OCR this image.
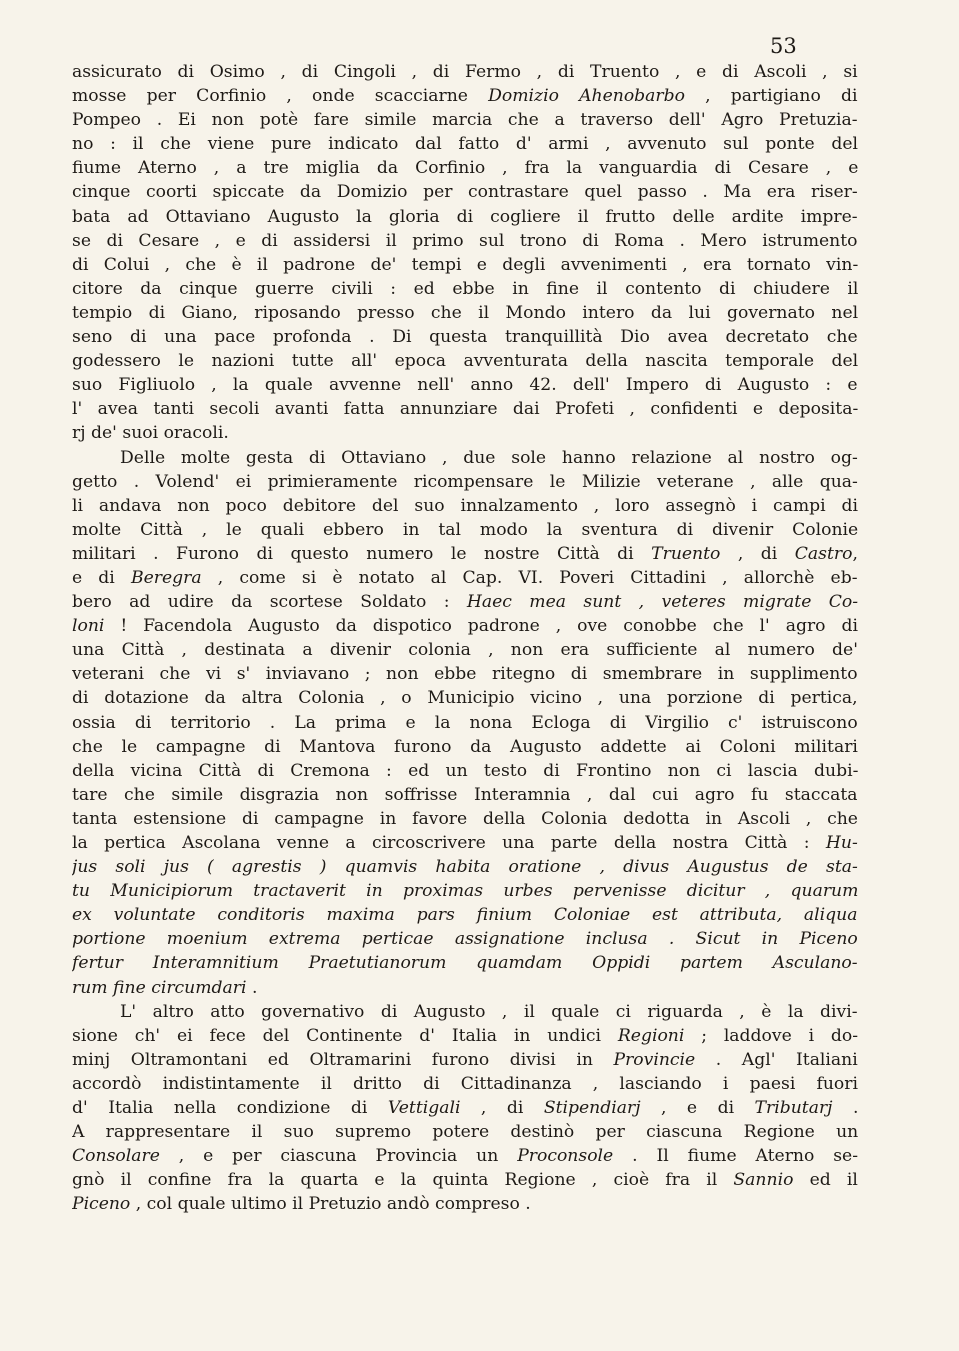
53
assicurato di Osimo , di Cingoli , di Fermo , di Truento , e di Ascoli , si
mosse per Corfinio , onde scacciarne Domizio Ahenobarbo , partigiano di
Pompeo . Ei non potè fare simile marcia che a traverso dell' Agro Pretuzia-
no : il che viene pure indicato dal fatto d' armi , avvenuto sul ponte del
fiume Aterno , a tre miglia da Corfinio , fra la vanguardia di Cesare , e
cinque coorti spiccate da Domizio per contrastare quel passo . Ma era riser-
bata ad Ottaviano Augusto la gloria di cogliere il frutto delle ardite impre-
se di Cesare , e di assidersi il primo sul trono di Roma . Mero istrumento
di Colui , che è il padrone de' tempi e degli avvenimenti , era tornato vin-
citore da cinque guerre civili : ed ebbe in fine il contento di chiudere il
tempio di Giano, riposando presso che il Mondo intero da lui governato nel
seno di una pace profonda . Di questa tranquillità Dio avea decretato che
godessero le nazioni tutte all' epoca avventurata della nascita temporale del
suo Figliuolo , la quale avvenne nell' anno 42. dell' Impero di Augusto : e
l' avea tanti secoli avanti fatta annunziare dai Profeti , confidenti e deposita-
rj de' suoi oracoli.
Delle molte gesta di Ottaviano , due sole hanno relazione al nostro og-
getto . Volend' ei primieramente ricompensare le Milizie veterane , alle qua-
li andava non poco debitore del suo innalzamento , loro assegnò i campi di
molte Città , le quali ebbero in tal modo la sventura di divenir Colonie
militari . Furono di questo numero le nostre Città di Truento , di Castro,
e di Beregra , come si è notato al Cap. VI. Poveri Cittadini , allorchè eb-
bero ad udire da scortese Soldato : Haec mea sunt , veteres migrate Co-
loni ! Facendola Augusto da dispotico padrone , ove conobbe che l' agro di
una Città , destinata a divenir colonia , non era sufficiente al numero de'
veterani che vi s' inviavano ; non ebbe ritegno di smembrare in supplimento
di dotazione da altra Colonia , o Municipio vicino , una porzione di pertica,
ossia di territorio . La prima e la nona Ecloga di Virgilio c' istruiscono
che le campagne di Mantova furono da Augusto addette ai Coloni militari
della vicina Città di Cremona : ed un testo di Frontino non ci lascia dubi-
tare che simile disgrazia non soffrisse Interamnia , dal cui agro fu staccata
tanta estensione di campagne in favore della Colonia dedotta in Ascoli , che
la pertica Ascolana venne a circoscrivere una parte della nostra Città : Hu-
jus soli jus ( agrestis ) quamvis habita oratione , divus Augustus de sta-
tu Municipiorum tractaverit in proximas urbes pervenisse dicitur , quarum
ex voluntate conditoris maxima pars finium Coloniae est attributa, aliqua
portione moenium extrema perticae assignatione inclusa . Sicut in Piceno
fertur Interamnitium Praetutianorum quamdam Oppidi partem Asculano-
rum fine circumdari .
L' altro atto governativo di Augusto , il quale ci riguarda , è la divi-
sione ch' ei fece del Continente d' Italia in undici Regioni ; laddove i do-
minj Oltramontani ed Oltramarini furono divisi in Provincie . Agl' Italiani
accordò indistintamente il dritto di Cittadinanza , lasciando i paesi fuori
d' Italia nella condizione di Vettigali , di Stipendiarj , e di Tributarj .
A rappresentare il suo supremo potere destinò per ciascuna Regione un
Consolare , e per ciascuna Provincia un Proconsole . Il fiume Aterno se-
gnò il confine fra la quarta e la quinta Regione , cioè fra il Sannio ed il
Piceno , col quale ultimo il Pretuzio andò compreso .
